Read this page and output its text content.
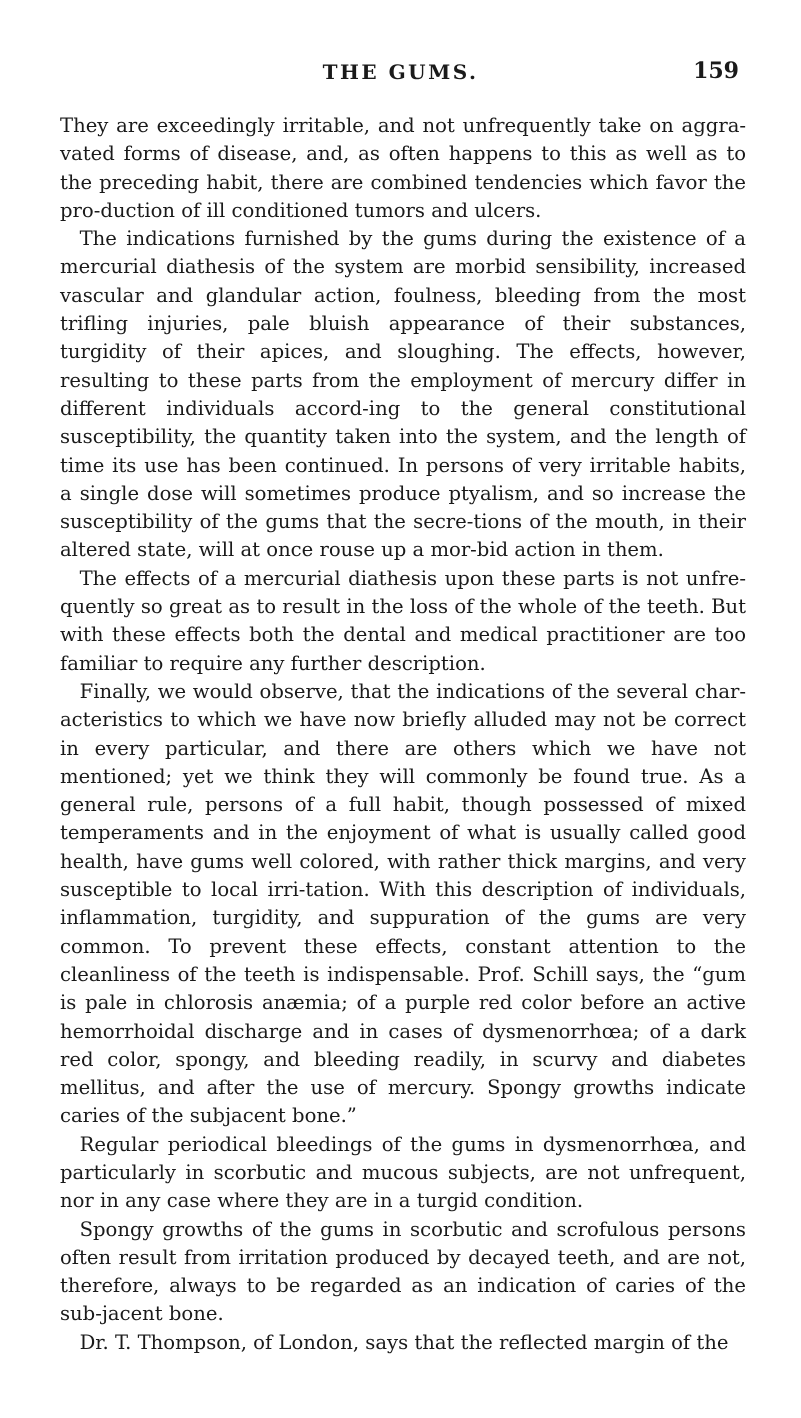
THE GUMS.	159

They are exceedingly irritable, and not unfrequently take on aggra-vated forms of disease, and, as often happens to this as well as to the preceding habit, there are combined tendencies which favor the pro-duction of ill conditioned tumors and ulcers.

The indications furnished by the gums during the existence of a mercurial diathesis of the system are morbid sensibility, increased vascular and glandular action, foulness, bleeding from the most trifling injuries, pale bluish appearance of their substances, turgidity of their apices, and sloughing. The effects, however, resulting to these parts from the employment of mercury differ in different individuals accord-ing to the general constitutional susceptibility, the quantity taken into the system, and the length of time its use has been continued. In persons of very irritable habits, a single dose will sometimes produce ptyalism, and so increase the susceptibility of the gums that the secre-tions of the mouth, in their altered state, will at once rouse up a mor-bid action in them.

The effects of a mercurial diathesis upon these parts is not unfre-quently so great as to result in the loss of the whole of the teeth. But with these effects both the dental and medical practitioner are too familiar to require any further description.

Finally, we would observe, that the indications of the several char-acteristics to which we have now briefly alluded may not be correct in every particular, and there are others which we have not mentioned; yet we think they will commonly be found true. As a general rule, persons of a full habit, though possessed of mixed temperaments and in the enjoyment of what is usually called good health, have gums well colored, with rather thick margins, and very susceptible to local irri-tation. With this description of individuals, inflammation, turgidity, and suppuration of the gums are very common. To prevent these effects, constant attention to the cleanliness of the teeth is indispensable. Prof. Schill says, the “gum is pale in chlorosis anæmia; of a purple red color before an active hemorrhoidal discharge and in cases of dysmenorrhœa; of a dark red color, spongy, and bleeding readily, in scurvy and diabetes mellitus, and after the use of mercury. Spongy growths indicate caries of the subjacent bone.”

Regular periodical bleedings of the gums in dysmenorrhœa, and particularly in scorbutic and mucous subjects, are not unfrequent, nor in any case where they are in a turgid condition.

Spongy growths of the gums in scorbutic and scrofulous persons often result from irritation produced by decayed teeth, and are not, therefore, always to be regarded as an indication of caries of the sub-jacent bone.

Dr. T. Thompson, of London, says that the reflected margin of the
